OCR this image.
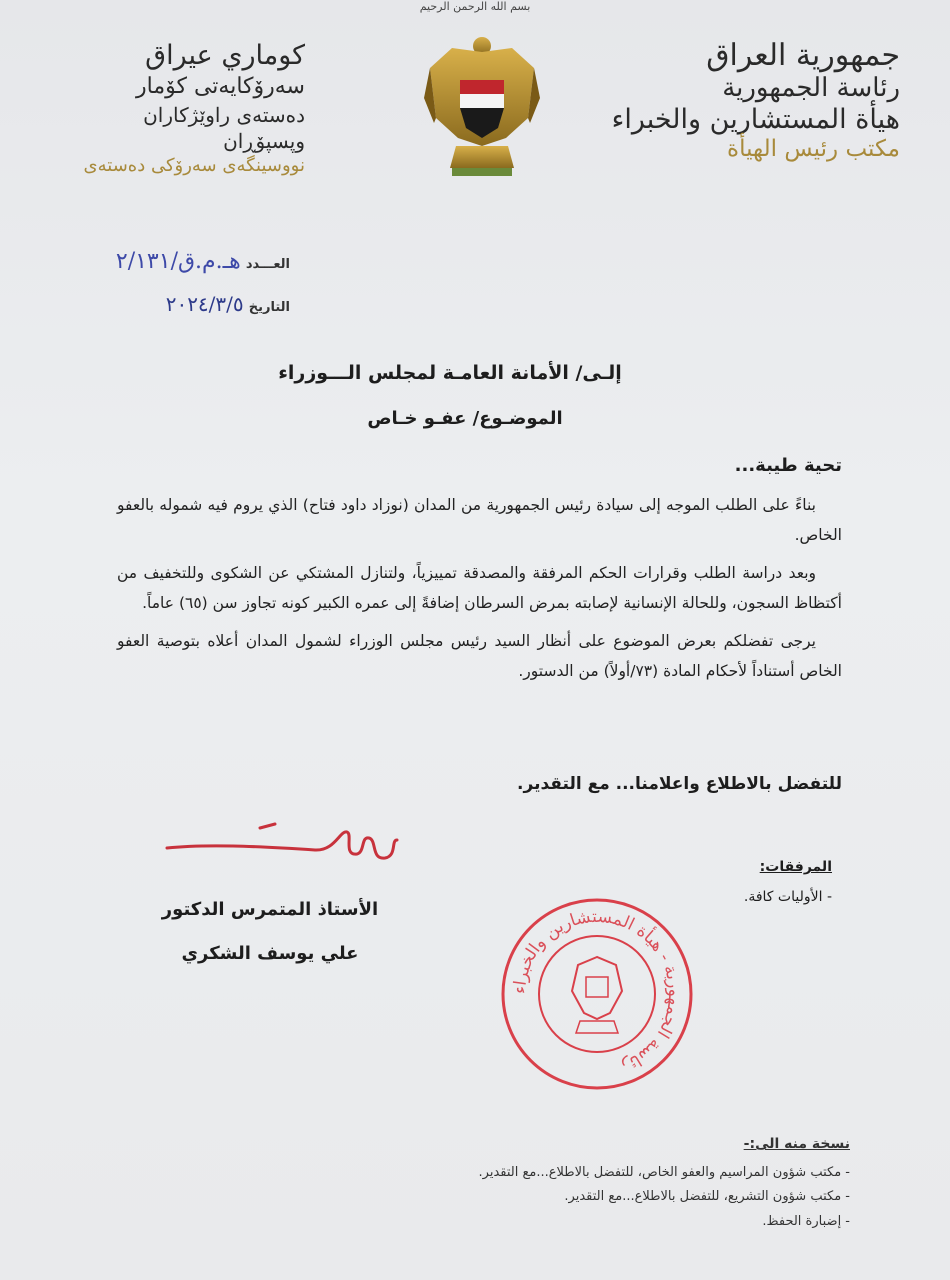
بسم الله الرحمن الرحيم
جمهورية العراق
رئاسة الجمهورية
هيأة المستشارين والخبراء
مكتب رئيس الهيأة
كوماري عيراق
سەرۆكايەتى كۆمار
دەستەى راوێژكاران وپسپۆڕان
نووسينگەى سەرۆكى دەستەى
العـــدد هـ.م.ق/٢/١٣١
التاريخ ٢٠٢٤/٣/٥
إلـى/ الأمانة العامـة لمجلس الـــوزراء
الموضـوع/ عفـو خـاص
تحية طيبة...

بناءً على الطلب الموجه إلى سيادة رئيس الجمهورية من المدان (نوزاد داود فتاح) الذي يروم فيه شموله بالعفو الخاص.

وبعد دراسة الطلب وقرارات الحكم المرفقة والمصدقة تمييزياً، ولتنازل المشتكي عن الشكوى وللتخفيف من أكتظاظ السجون، وللحالة الإنسانية لإصابته بمرض السرطان إضافةً إلى عمره الكبير كونه تجاوز سن (٦٥) عاماً.

يرجى تفضلكم بعرض الموضوع على أنظار السيد رئيس مجلس الوزراء لشمول المدان أعلاه بتوصية العفو الخاص أستناداً لأحكام المادة (٧٣/أولاً) من الدستور.

للتفضل بالاطلاع واعلامنا... مع التقدير.
الأستاذ المتمرس الدكتور
علي يوسف الشكري
المرفقات:
- الأوليات كافة.
رئاسة الجمهورية - هيأة المستشارين والخبراء
نسخة منه الى:-
- مكتب شؤون المراسيم والعفو الخاص، للتفضل بالاطلاع...مع التقدير.
- مكتب شؤون التشريع، للتفضل بالاطلاع...مع التقدير.
- إضبارة الحفظ.
